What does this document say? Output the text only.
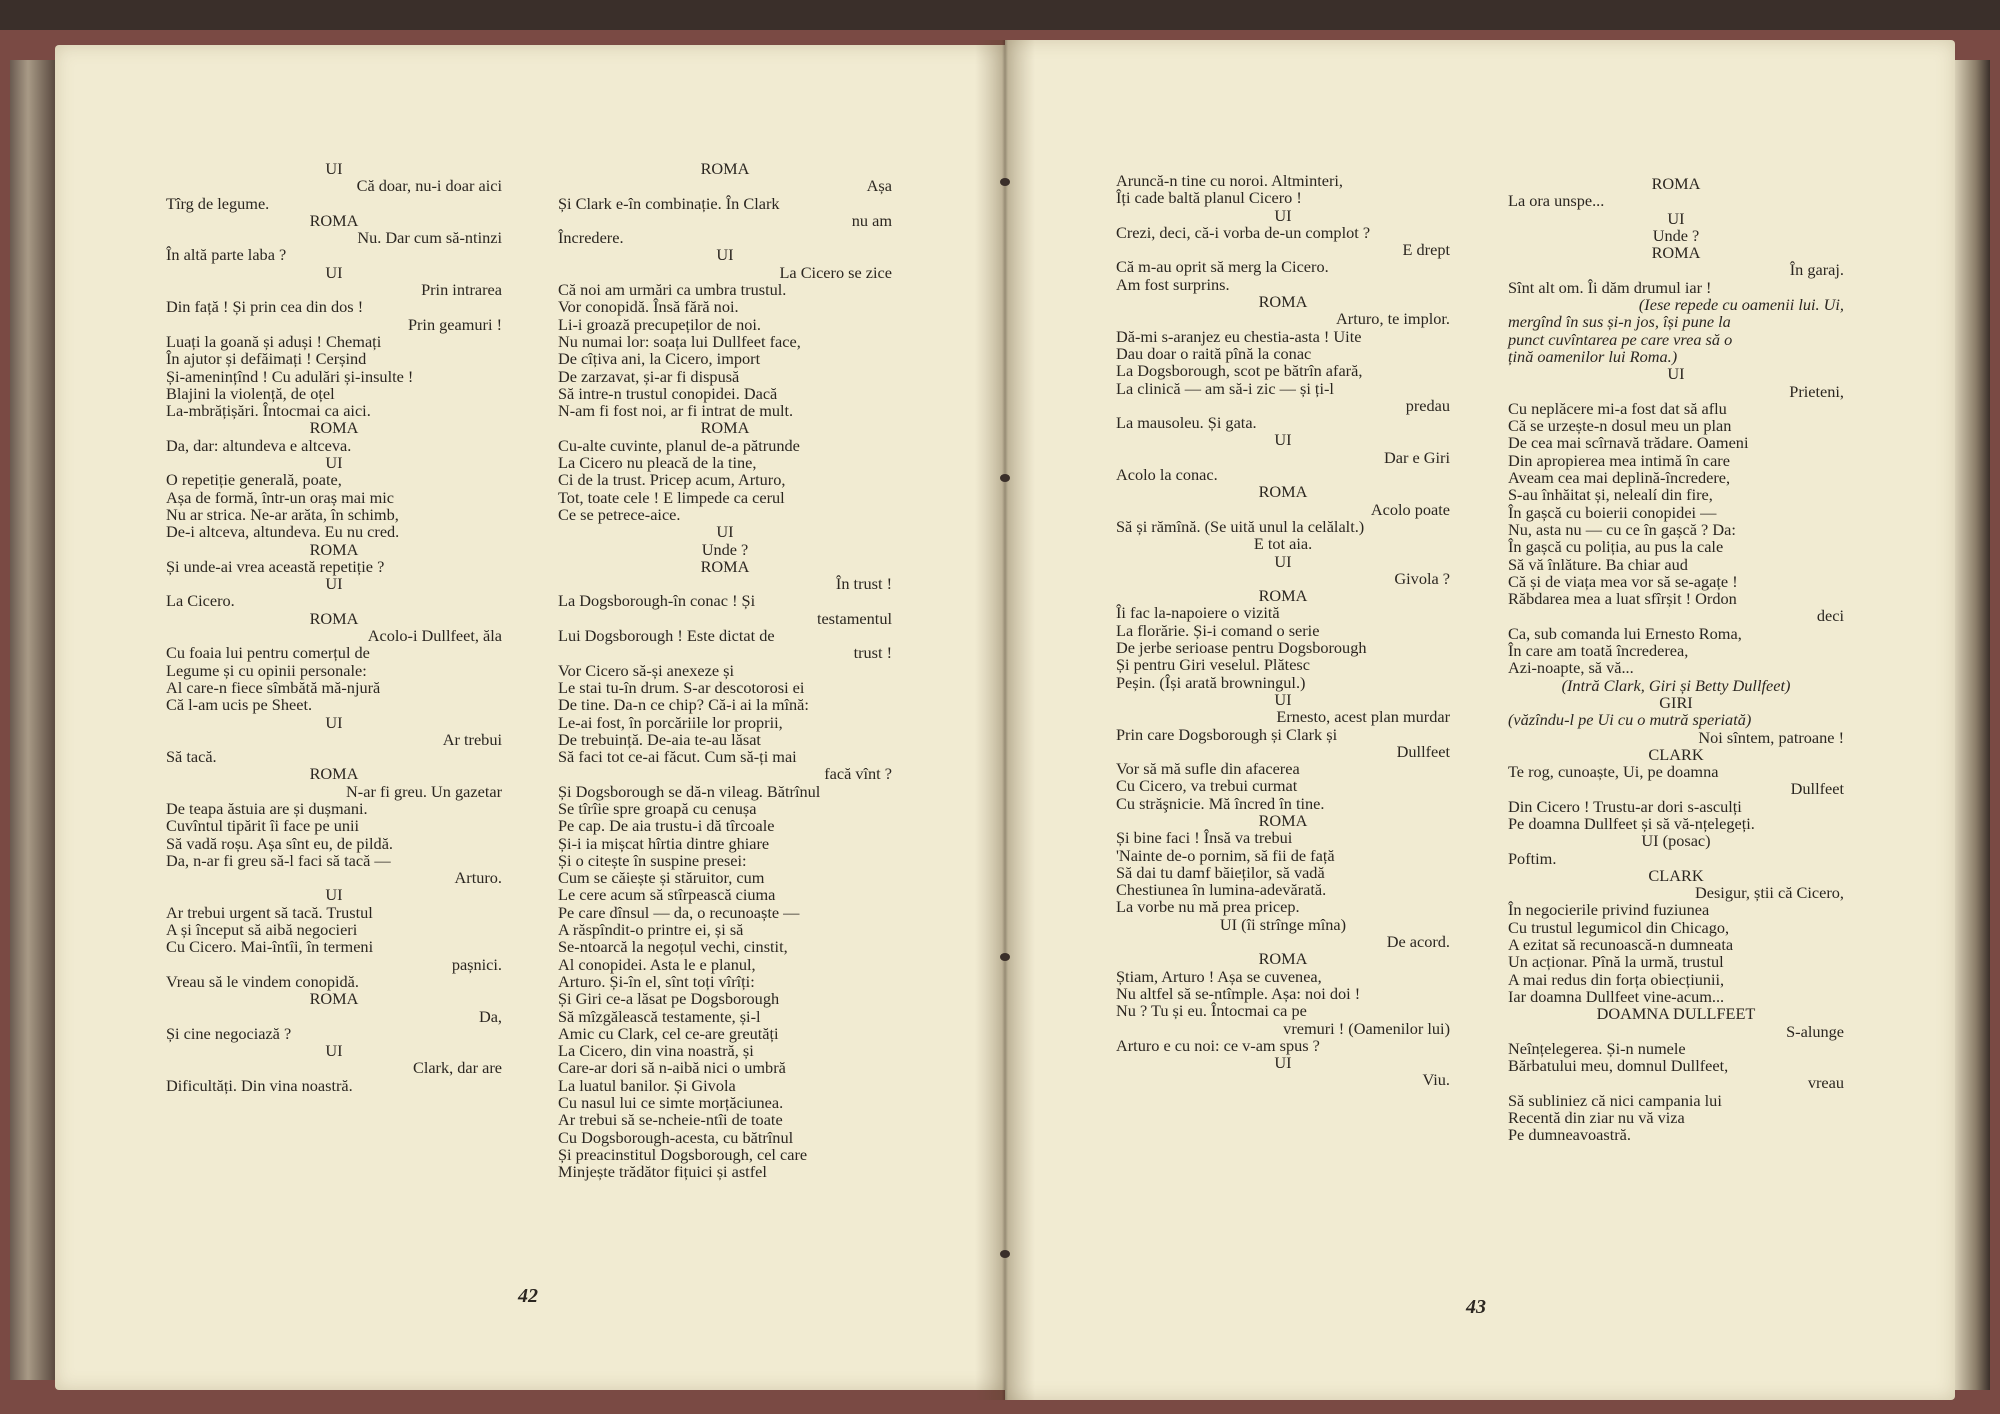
UI
Că doar, nu-i doar aici
Tîrg de legume.
ROMA
Nu. Dar cum să-ntinzi
În altă parte laba ?
UI
Prin intrarea
Din față ! Și prin cea din dos !
Prin geamuri !
Luați la goană și aduși ! Chemați
În ajutor și defăimați ! Cerșind
Și-amenințînd ! Cu adulări și-insulte !
Blajini la violență, de oțel
La-mbrățișări. Întocmai ca aici.
ROMA
Da, dar: altundeva e altceva.
UI
O repetiție generală, poate,
Așa de formă, într-un oraș mai mic
Nu ar strica. Ne-ar arăta, în schimb,
De-i altceva, altundeva. Eu nu cred.
ROMA
Și unde-ai vrea această repetiție ?
UI
La Cicero.
ROMA
Acolo-i Dullfeet, ăla
Cu foaia lui pentru comerțul de
Legume și cu opinii personale:
Al care-n fiece sîmbătă mă-njură
Că l-am ucis pe Sheet.
UI
Ar trebui
Să tacă.
ROMA
N-ar fi greu. Un gazetar
De teapa ăstuia are și dușmani.
Cuvîntul tipărit îi face pe unii
Să vadă roșu. Așa sînt eu, de pildă.
Da, n-ar fi greu să-l faci să tacă —
Arturo.
UI
Ar trebui urgent să tacă. Trustul
A și început să aibă negocieri
Cu Cicero. Mai-întîi, în termeni
pașnici.
Vreau să le vindem conopidă.
ROMA
Da,
Și cine negociază ?
UI
Clark, dar are
Dificultăți. Din vina noastră.
ROMA
Așa
Și Clark e-în combinație. În Clark
nu am
Încredere.
UI
La Cicero se zice
Că noi am urmări ca umbra trustul.
Vor conopidă. Însă fără noi.
Li-i groază precupeților de noi.
Nu numai lor: soața lui Dullfeet face,
De cîțiva ani, la Cicero, import
De zarzavat, și-ar fi dispusă
Să intre-n trustul conopidei. Dacă
N-am fi fost noi, ar fi intrat de mult.
ROMA
Cu-alte cuvinte, planul de-a pătrunde
La Cicero nu pleacă de la tine,
Ci de la trust. Pricep acum, Arturo,
Tot, toate cele ! E limpede ca cerul
Ce se petrece-aice.
UI
Unde ?
ROMA
În trust !
La Dogsborough-în conac ! Și
testamentul
Lui Dogsborough ! Este dictat de
trust !
Vor Cicero să-și anexeze și
Le stai tu-în drum. S-ar descotorosi ei
De tine. Da-n ce chip? Că-i ai la mînă:
Le-ai fost, în porcăriile lor proprii,
De trebuință. De-aia te-au lăsat
Să faci tot ce-ai făcut. Cum să-ți mai
facă vînt ?
Și Dogsborough se dă-n vileag. Bătrînul
Se tîrîie spre groapă cu cenușa
Pe cap. De aia trustu-i dă tîrcoale
Și-i ia mișcat hîrtia dintre ghiare
Și o citește în suspine presei:
Cum se căiește și stăruitor, cum
Le cere acum să stîrpească ciuma
Pe care dînsul — da, o recunoaște —
A răspîndit-o printre ei, și să
Se-ntoarcă la negoțul vechi, cinstit,
Al conopidei. Asta le e planul,
Arturo. Și-în el, sînt toți vîrîți:
Și Giri ce-a lăsat pe Dogsborough
Să mîzgălească testamente, și-l
Amic cu Clark, cel ce-are greutăți
La Cicero, din vina noastră, și
Care-ar dori să n-aibă nici o umbră
La luatul banilor. Și Givola
Cu nasul lui ce simte morțăciunea.
Ar trebui să se-ncheie-ntîi de toate
Cu Dogsborough-acesta, cu bătrînul
Și preacinstitul Dogsborough, cel care
Minjește trădător fițuici și astfel
Aruncă-n tine cu noroi. Altminteri,
Îți cade baltă planul Cicero !
UI
Crezi, deci, că-i vorba de-un complot ?
E drept
Că m-au oprit să merg la Cicero.
Am fost surprins.
ROMA
Arturo, te implor.
Dă-mi s-aranjez eu chestia-asta ! Uite
Dau doar o raită pînă la conac
La Dogsborough, scot pe bătrîn afară,
La clinică — am să-i zic — și ți-l
predau
La mausoleu. Și gata.
UI
Dar e Giri
Acolo la conac.
ROMA
Acolo poate
Să și rămînă. (Se uită unul la celălalt.)
E tot aia.
UI
Givola ?
ROMA
Îi fac la-napoiere o vizită
La florărie. Și-i comand o serie
De jerbe serioase pentru Dogsborough
Și pentru Giri veselul. Plătesc
Peșin. (Își arată browningul.)
UI
Ernesto, acest plan murdar
Prin care Dogsborough și Clark și
Dullfeet
Vor să mă sufle din afacerea
Cu Cicero, va trebui curmat
Cu străşnicie. Mă încred în tine.
ROMA
Și bine faci ! Însă va trebui
'Nainte de-o pornim, să fii de față
Să dai tu damf băieților, să vadă
Chestiunea în lumina-adevărată.
La vorbe nu mă prea pricep.
UI (îi strînge mîna)
De acord.
ROMA
Știam, Arturo ! Așa se cuvenea,
Nu altfel să se-ntîmple. Așa: noi doi !
Nu ? Tu și eu. Întocmai ca pe
vremuri ! (Oamenilor lui)
Arturo e cu noi: ce v-am spus ?
UI
Viu.
ROMA
La ora unspe...
UI
Unde ?
ROMA
În garaj.
Sînt alt om. Îi dăm drumul iar !
(Iese repede cu oamenii lui. Ui,
mergînd în sus și-n jos, își pune la
punct cuvîntarea pe care vrea să o
țină oamenilor lui Roma.)
UI
Prieteni,
Cu neplăcere mi-a fost dat să aflu
Că se urzește-n dosul meu un plan
De cea mai scîrnavă trădare. Oameni
Din apropierea mea intimă în care
Aveam cea mai deplină-încredere,
S-au înhăitat și, nelealí din fire,
În gașcă cu boierii conopidei —
Nu, asta nu — cu ce în gașcă ? Da:
În gașcă cu poliția, au pus la cale
Să vă înlăture. Ba chiar aud
Că și de viața mea vor să se-agațe !
Răbdarea mea a luat sfîrșit ! Ordon
deci
Ca, sub comanda lui Ernesto Roma,
În care am toată încrederea,
Azi-noapte, să vă...
(Intră Clark, Giri și Betty Dullfeet)
GIRI
(văzîndu-l pe Ui cu o mutră speriată)
Noi sîntem, patroane !
CLARK
Te rog, cunoaște, Ui, pe doamna
Dullfeet
Din Cicero ! Trustu-ar dori s-asculți
Pe doamna Dullfeet și să vă-nțelegeți.
UI (posac)
Poftim.
CLARK
Desigur, știi că Cicero,
În negocierile privind fuziunea
Cu trustul legumicol din Chicago,
A ezitat să recunoască-n dumneata
Un acționar. Pînă la urmă, trustul
A mai redus din forța obiecțiunii,
Iar doamna Dullfeet vine-acum...
DOAMNA DULLFEET
S-alunge
Neînțelegerea. Și-n numele
Bărbatului meu, domnul Dullfeet,
vreau
Să subliniez că nici campania lui
Recentă din ziar nu vă viza
Pe dumneavoastră.
42	43
